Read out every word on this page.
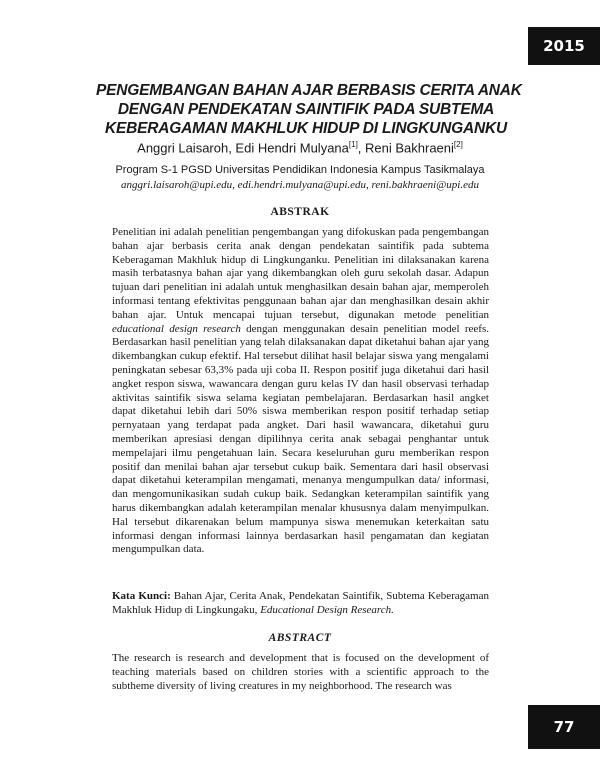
2015
PENGEMBANGAN BAHAN AJAR BERBASIS CERITA ANAK
DENGAN PENDEKATAN SAINTIFIK PADA SUBTEMA
KEBERAGAMAN MAKHLUK HIDUP DI LINGKUNGANKU
Anggri Laisaroh, Edi Hendri Mulyana[1], Reni Bakhraeni[2]
Program S-1 PGSD Universitas Pendidikan Indonesia Kampus Tasikmalaya
anggri.laisaroh@upi.edu, edi.hendri.mulyana@upi.edu, reni.bakhraeni@upi.edu
ABSTRAK

Penelitian ini adalah penelitian pengembangan yang difokuskan pada pengembangan bahan ajar berbasis cerita anak dengan pendekatan saintifik pada subtema Keberagaman Makhluk hidup di Lingkunganku. Penelitian ini dilaksanakan karena masih terbatasnya bahan ajar yang dikembangkan oleh guru sekolah dasar. Adapun tujuan dari penelitian ini adalah untuk menghasilkan desain bahan ajar, memperoleh informasi tentang efektivitas penggunaan bahan ajar dan menghasilkan desain akhir bahan ajar. Untuk mencapai tujuan tersebut, digunakan metode penelitian educational design research dengan menggunakan desain penelitian model reefs. Berdasarkan hasil penelitian yang telah dilaksanakan dapat diketahui bahan ajar yang dikembangkan cukup efektif. Hal tersebut dilihat hasil belajar siswa yang mengalami peningkatan sebesar 63,3% pada uji coba II. Respon positif juga diketahui dari hasil angket respon siswa, wawancara dengan guru kelas IV dan hasil observasi terhadap aktivitas saintifik siswa selama kegiatan pembelajaran. Berdasarkan hasil angket dapat diketahui lebih dari 50% siswa memberikan respon positif terhadap setiap pernyataan yang terdapat pada angket. Dari hasil wawancara, diketahui guru memberikan apresiasi dengan dipilihnya cerita anak sebagai penghantar untuk mempelajari ilmu pengetahuan lain. Secara keseluruhan guru memberikan respon positif dan menilai bahan ajar tersebut cukup baik. Sementara dari hasil observasi dapat diketahui keterampilan mengamati, menanya mengumpulkan data/ informasi, dan mengomunikasikan sudah cukup baik. Sedangkan keterampilan saintifik yang harus dikembangkan adalah keterampilan menalar khususnya dalam menyimpulkan. Hal tersebut dikarenakan belum mampunya siswa menemukan keterkaitan satu informasi dengan informasi lainnya berdasarkan hasil pengamatan dan kegiatan mengumpulkan data.

Kata Kunci: Bahan Ajar, Cerita Anak, Pendekatan Saintifik, Subtema Keberagaman Makhluk Hidup di Lingkungaku, Educational Design Research.
ABSTRACT

The research is research and development that is focused on the development of teaching materials based on children stories with a scientific approach to the subtheme diversity of living creatures in my neighborhood. The research was

77
